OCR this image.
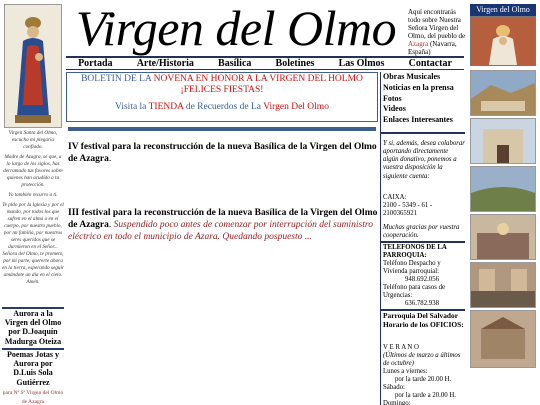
Virgen Santa del Olmo, escucha mi plegaria confiado.

Madre de Azagra, sé que, a lo largo de los siglos, has derramado tus favores sobre quienes han acudido a tu protección.

Yo también recurro a ti.

Te pido por la Iglesia y por el mundo, por todos los que sufren en el alma o en el cuerpo, por nuestro pueblo, por mi familia, por nuestros seres queridos que se durmieron en el Señor... Señora del Olmo, te prometo, por mi parte, quererte ahora en la tierra, esperando seguir amándote un día en el cielo. Amén.

Aurora a la Virgen del Olmo por D.Joaquín Madurga Oteiza
Poemas Jotas y Aurora por D.Luis Sola Gutiérrez
para Nª Sª Virgen del Olmo de Azagra
Virgen del Olmo	Aquí encontrarás todo sobre Nuestra Señora Virgen del Olmo, del pueblo de Azagra (Navarra, España)
Virgen del Olmo
Portada Arte/Historia Basílica Boletines Las Olmos Contactar
BOLETIN DE LA NOVENA EN HONOR A LA VIRGEN DEL HOLMO
¡FELICES FIESTAS!
Visita la TIENDA de Recuerdos de La Virgen Del Olmo
IV festival para la reconstrucción de la nueva Basílica de la Virgen del Olmo de Azagra.
III festival para la reconstrucción de la nueva Basílica de la Virgen del Olmo de Azagra. Suspendido poco antes de comenzar por interrupción del suministro eléctrico en todo el municipio de Azara. Quedando pospuesto ...
Obras Musicales
Noticias en la prensa
Fotos
Videos
Enlaces Interesantes
Y si, además, desea colaborar aportando directamente algún donativo, ponemos a vuestra disposición la siguiente cuenta:
CAIXA:
2100 - 5349 - 61 - 2100365921
Muchas gracias por vuestra cooperación.
TELEFONOS DE LA PARROQUIA:
Teléfono Despacho y Vivienda parroquial:
948.692.056
Teléfono para casos de Urgencias:
636.782.938
Parroquia Del Salvador Horario de los OFICIOS:
V E R A N O
(Últimos de marzo a últimos de octubre)
Lunes a viernes:
por la tarde 20.00 H.
Sábado:
por la tarde a 20.00 H.
Domingo:
